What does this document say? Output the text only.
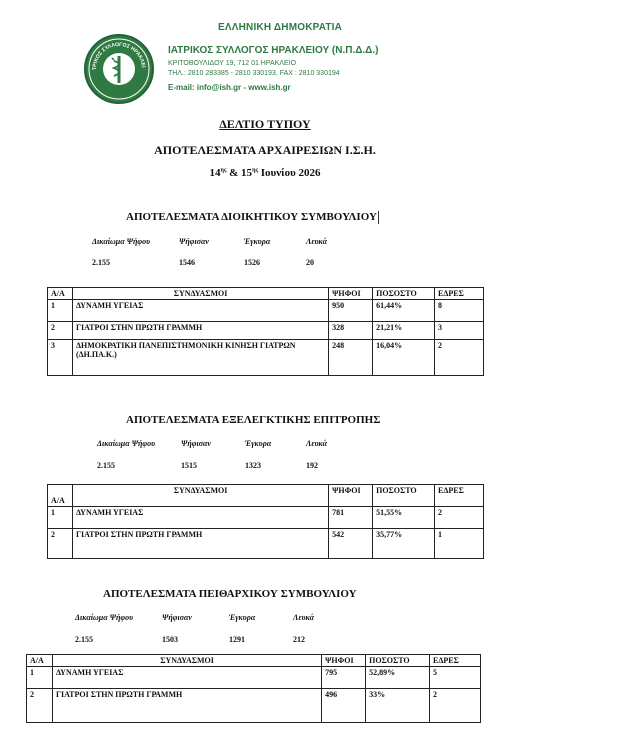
ΤΡΙΚΟΣ ΣΥΛΛΟΓΟΣ ΗΡΑΚΛΕΙ
ΕΛΛΗΝΙΚΗ ΔΗΜΟΚΡΑΤΙΑ
ΙΑΤΡΙΚΟΣ ΣΥΛΛΟΓΟΣ ΗΡΑΚΛΕΙΟΥ (Ν.Π.Δ.Δ.)
ΚΡΙΤΟΒΟΥΛΙΔΟΥ 19, 712 01 ΗΡΑΚΛΕΙΟ
ΤΗΛ.: 2810 283385 - 2810 330193, FAX : 2810 330194
E-mail: info@ish.gr - www.ish.gr
ΔΕΛΤΙΟ ΤΥΠΟΥ
ΑΠΟΤΕΛΕΣΜΑΤΑ ΑΡΧΑΙΡΕΣΙΩΝ Ι.Σ.Η.
$14^{\eta\varsigma}$ & $15^{\eta\varsigma}$ Ιουνίου 2026
ΑΠΟΤΕΛΕΣΜΑΤΑ ΔΙΟΙΚΗΤΙΚΟΥ ΣΥΜΒΟΥΛΙΟΥ
Δικαίωμα Ψήφου	Ψήφισαν	Έγκυρα	Λευκά
2.155	1546	1526	20
Α/Α	ΣΥΝΔΥΑΣΜΟΙ	ΨΗΦΟΙ	ΠΟΣΟΣΤΟ	ΕΔΡΕΣ
1	ΔΥΝΑΜΗ ΥΓΕΙΑΣ	950	61,44%	8
2	ΓΙΑΤΡΟΙ ΣΤΗΝ ΠΡΩΤΗ ΓΡΑΜΜΗ	328	21,21%	3
3	ΔΗΜΟΚΡΑΤΙΚΗ ΠΑΝΕΠΙΣΤΗΜΟΝΙΚΗ ΚΙΝΗΣΗ ΓΙΑΤΡΩΝ (ΔΗ.ΠΑ.Κ.)	248	16,04%	2
ΑΠΟΤΕΛΕΣΜΑΤΑ ΕΞΕΛΕΓΚΤΙΚΗΣ ΕΠΙΤΡΟΠΗΣ
Δικαίωμα Ψήφου	Ψήφισαν	Έγκυρα	Λευκά
2.155	1515	1323	192
Α/Α	ΣΥΝΔΥΑΣΜΟΙ	ΨΗΦΟΙ	ΠΟΣΟΣΤΟ	ΕΔΡΕΣ
1	ΔΥΝΑΜΗ ΥΓΕΙΑΣ	781	51,55%	2
2	ΓΙΑΤΡΟΙ ΣΤΗΝ ΠΡΩΤΗ ΓΡΑΜΜΗ	542	35,77%	1
ΑΠΟΤΕΛΕΣΜΑΤΑ ΠΕΙΘΑΡΧΙΚΟΥ ΣΥΜΒΟΥΛΙΟΥ
Δικαίωμα Ψήφου	Ψήφισαν	Έγκυρα	Λευκά
2.155	1503	1291	212
Α/Α	ΣΥΝΔΥΑΣΜΟΙ	ΨΗΦΟΙ	ΠΟΣΟΣΤΟ	ΕΔΡΕΣ
1	ΔΥΝΑΜΗ ΥΓΕΙΑΣ	795	52,89%	5
2	ΓΙΑΤΡΟΙ ΣΤΗΝ ΠΡΩΤΗ ΓΡΑΜΜΗ	496	33%	2
